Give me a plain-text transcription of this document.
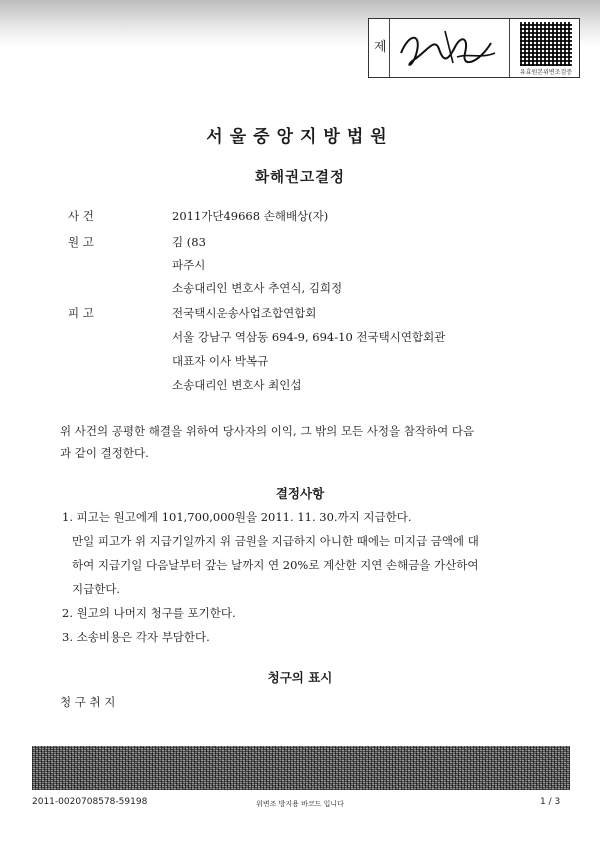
제
유효원본위변조검증
서울중앙지방법원
화해권고결정
사 건	2011가단49668 손해배상(자)
원 고	김 (83
파주시
소송대리인 변호사 추연식, 김희정
피 고	전국택시운송사업조합연합회
서울 강남구 역삼동 694-9, 694-10 전국택시연합회관
대표자 이사 박복규
소송대리인 변호사 최인섭
위 사건의 공평한 해결을 위하여 당사자의 이익, 그 밖의 모든 사정을 참작하여 다음
과 같이 결정한다.
결정사항
1. 피고는 원고에게 101,700,000원을 2011. 11. 30.까지 지급한다.
만일 피고가 위 지급기일까지 위 금원을 지급하지 아니한 때에는 미지급 금액에 대
하여 지급기일 다음날부터 갚는 날까지 연 20%로 계산한 지연 손해금을 가산하여
지급한다.
2. 원고의 나머지 청구를 포기한다.
3. 소송비용은 각자 부담한다.
청구의 표시
청 구 취 지
2011-0020708578-59198	위변조 방지용 바코드 입니다	1 / 3
